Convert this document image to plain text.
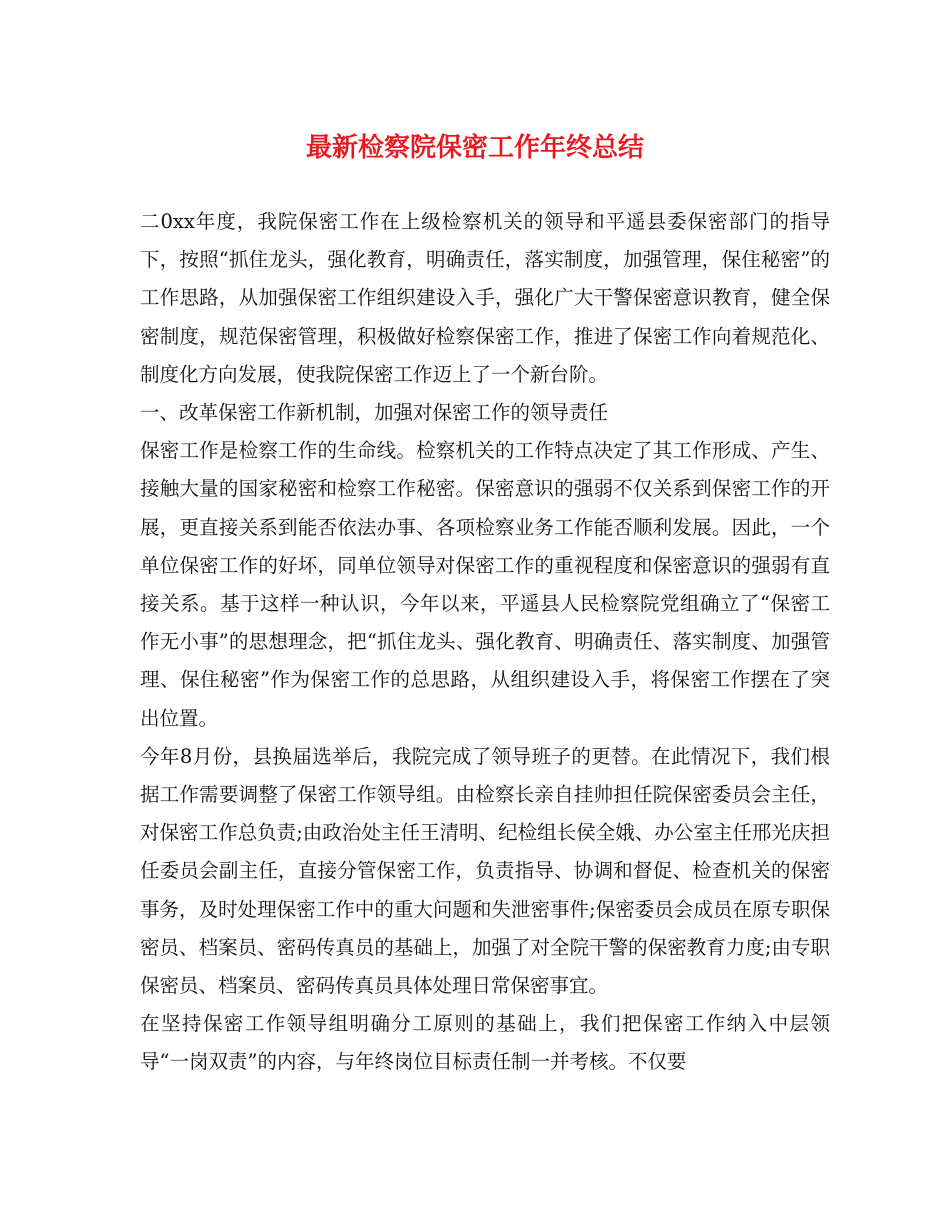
最新检察院保密工作年终总结

二0xx年度，我院保密工作在上级检察机关的领导和平遥县委保密部门的指导下，按照“抓住龙头，强化教育，明确责任，落实制度，加强管理，保住秘密”的工作思路，从加强保密工作组织建设入手，强化广大干警保密意识教育，健全保密制度，规范保密管理，积极做好检察保密工作，推进了保密工作向着规范化、制度化方向发展，使我院保密工作迈上了一个新台阶。

一、改革保密工作新机制，加强对保密工作的领导责任

保密工作是检察工作的生命线。检察机关的工作特点决定了其工作形成、产生、接触大量的国家秘密和检察工作秘密。保密意识的强弱不仅关系到保密工作的开展，更直接关系到能否依法办事、各项检察业务工作能否顺利发展。因此，一个单位保密工作的好坏，同单位领导对保密工作的重视程度和保密意识的强弱有直接关系。基于这样一种认识，今年以来，平遥县人民检察院党组确立了“保密工作无小事”的思想理念，把“抓住龙头、强化教育、明确责任、落实制度、加强管理、保住秘密”作为保密工作的总思路，从组织建设入手，将保密工作摆在了突出位置。

今年8月份，县换届选举后，我院完成了领导班子的更替。在此情况下，我们根据工作需要调整了保密工作领导组。由检察长亲自挂帅担任院保密委员会主任，对保密工作总负责;由政治处主任王清明、纪检组长侯全娥、办公室主任邢光庆担任委员会副主任，直接分管保密工作，负责指导、协调和督促、检查机关的保密事务，及时处理保密工作中的重大问题和失泄密事件;保密委员会成员在原专职保密员、档案员、密码传真员的基础上，加强了对全院干警的保密教育力度;由专职保密员、档案员、密码传真员具体处理日常保密事宜。

在坚持保密工作领导组明确分工原则的基础上，我们把保密工作纳入中层领导“一岗双责”的内容，与年终岗位目标责任制一并考核。不仅要
